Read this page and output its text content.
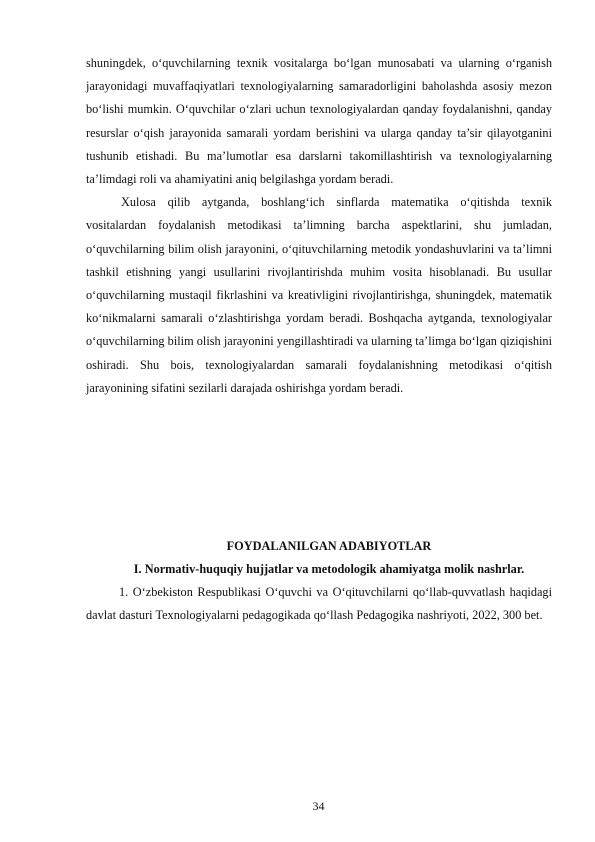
shuningdek, o‘quvchilarning texnik vositalarga bo‘lgan munosabati va ularning o‘rganish jarayonidagi muvaffaqiyatlari texnologiyalarning samaradorligini baholashda asosiy mezon bo‘lishi mumkin. O‘quvchilar o‘zlari uchun texnologiyalardan qanday foydalanishni, qanday resurslar o‘qish jarayonida samarali yordam berishini va ularga qanday ta’sir qilayotganini tushunib etishadi. Bu ma’lumotlar esa darslarni takomillashtirish va texnologiyalarning ta’limdagi roli va ahamiyatini aniq belgilashga yordam beradi.

Xulosa qilib aytganda, boshlang‘ich sinflarda matematika o‘qitishda texnik vositalardan foydalanish metodikasi ta’limning barcha aspektlarini, shu jumladan, o‘quvchilarning bilim olish jarayonini, o‘qituvchilarning metodik yondashuvlarini va ta’limni tashkil etishning yangi usullarini rivojlantirishda muhim vosita hisoblanadi. Bu usullar o‘quvchilarning mustaqil fikrlashini va kreativligini rivojlantirishga, shuningdek, matematik ko‘nikmalarni samarali o‘zlashtirishga yordam beradi. Boshqacha aytganda, texnologiyalar o‘quvchilarning bilim olish jarayonini yengillashtiradi va ularning ta’limga bo‘lgan qiziqishini oshiradi. Shu bois, texnologiyalardan samarali foydalanishning metodikasi o‘qitish jarayonining sifatini sezilarli darajada oshirishga yordam beradi.

FOYDALANILGAN ADABIYOTLAR

I. Normativ-huquqiy hujjatlar va metodologik ahamiyatga molik nashrlar.

1. O‘zbekiston Respublikasi O‘quvchi va O‘qituvchilarni qo‘llab-quvvatlash haqidagi davlat dasturi Texnologiyalarni pedagogikada qo‘llash Pedagogika nashriyoti, 2022, 300 bet.

34
